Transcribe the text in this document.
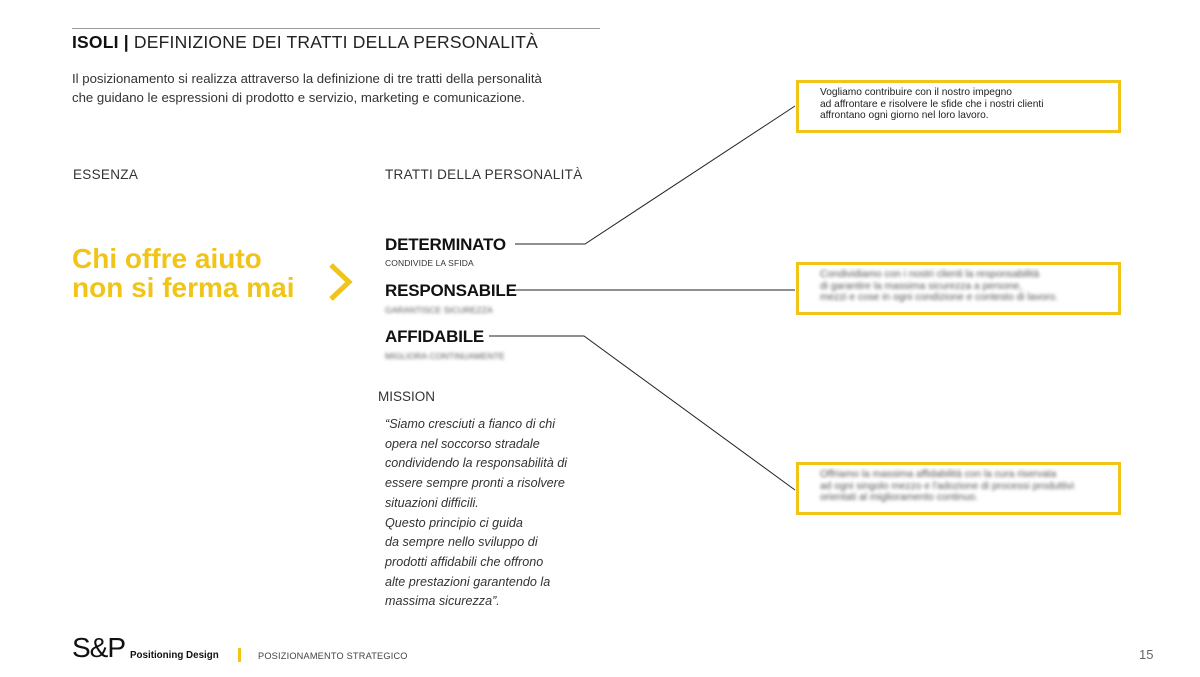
ISOLI | DEFINIZIONE DEI TRATTI DELLA PERSONALITÀ
Il posizionamento si realizza attraverso la definizione di tre tratti della personalità
che guidano le espressioni di prodotto e servizio, marketing e comunicazione.
ESSENZA	TRATTI DELLA PERSONALITÀ
Chi offre aiuto
non si ferma mai
DETERMINATO
CONDIVIDE LA SFIDA
RESPONSABILE
GARANTISCE SICUREZZA
AFFIDABILE
MIGLIORA CONTINUAMENTE
Vogliamo contribuire con il nostro impegno
ad affrontare e risolvere le sfide che i nostri clienti
affrontano ogni giorno nel loro lavoro.
Condividiamo con i nostri clienti la responsabilità
di garantire la massima sicurezza a persone,
mezzi e cose in ogni condizione e contesto di lavoro.
Offriamo la massima affidabilità con la cura riservata
ad ogni singolo mezzo e l'adozione di processi produttivi
orientati al miglioramento continuo.
MISSION
“Siamo cresciuti a fianco di chi
opera nel soccorso stradale
condividendo la responsabilità di
essere sempre pronti a risolvere
situazioni difficili.
Questo principio ci guida
da sempre nello sviluppo di
prodotti affidabili che offrono
alte prestazioni garantendo la
massima sicurezza”.
S&P Positioning Design	POSIZIONAMENTO STRATEGICO	15
